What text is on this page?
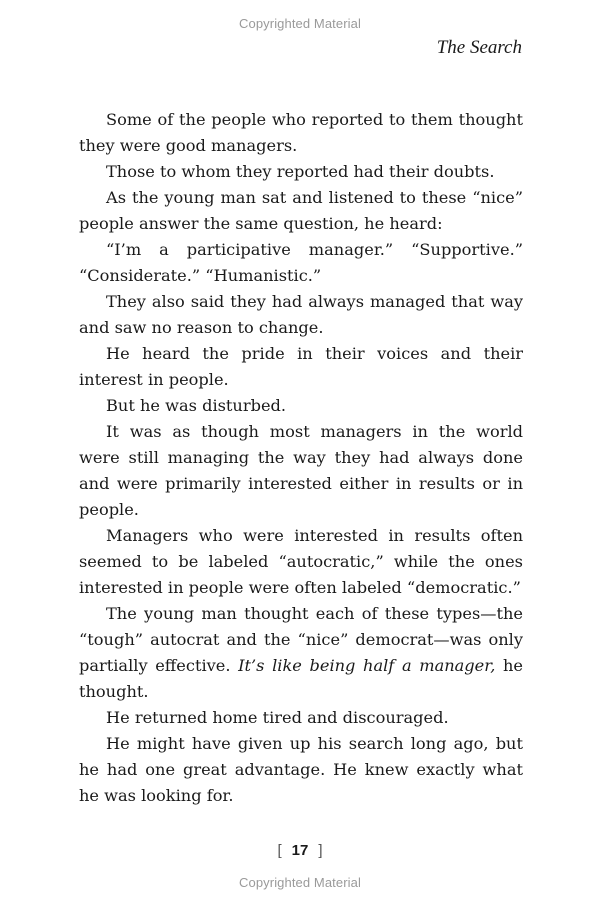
Copyrighted Material
The Search

Some of the people who reported to them thought they were good managers.

Those to whom they reported had their doubts.

As the young man sat and listened to these “nice” people answer the same question, he heard:

“I’m a participative manager.” “Supportive.” “Considerate.” “Humanistic.”

They also said they had always managed that way and saw no reason to change.

He heard the pride in their voices and their interest in people.

But he was disturbed.

It was as though most managers in the world were still managing the way they had always done and were primarily interested either in results or in people.

Managers who were interested in results often seemed to be labeled “autocratic,” while the ones interested in people were often labeled “democratic.”

The young man thought each of these types—the “tough” autocrat and the “nice” democrat—was only partially effective. It’s like being half a manager, he thought.

He returned home tired and discouraged.

He might have given up his search long ago, but he had one great advantage. He knew exactly what he was looking for.

[ 17 ]
Copyrighted Material
